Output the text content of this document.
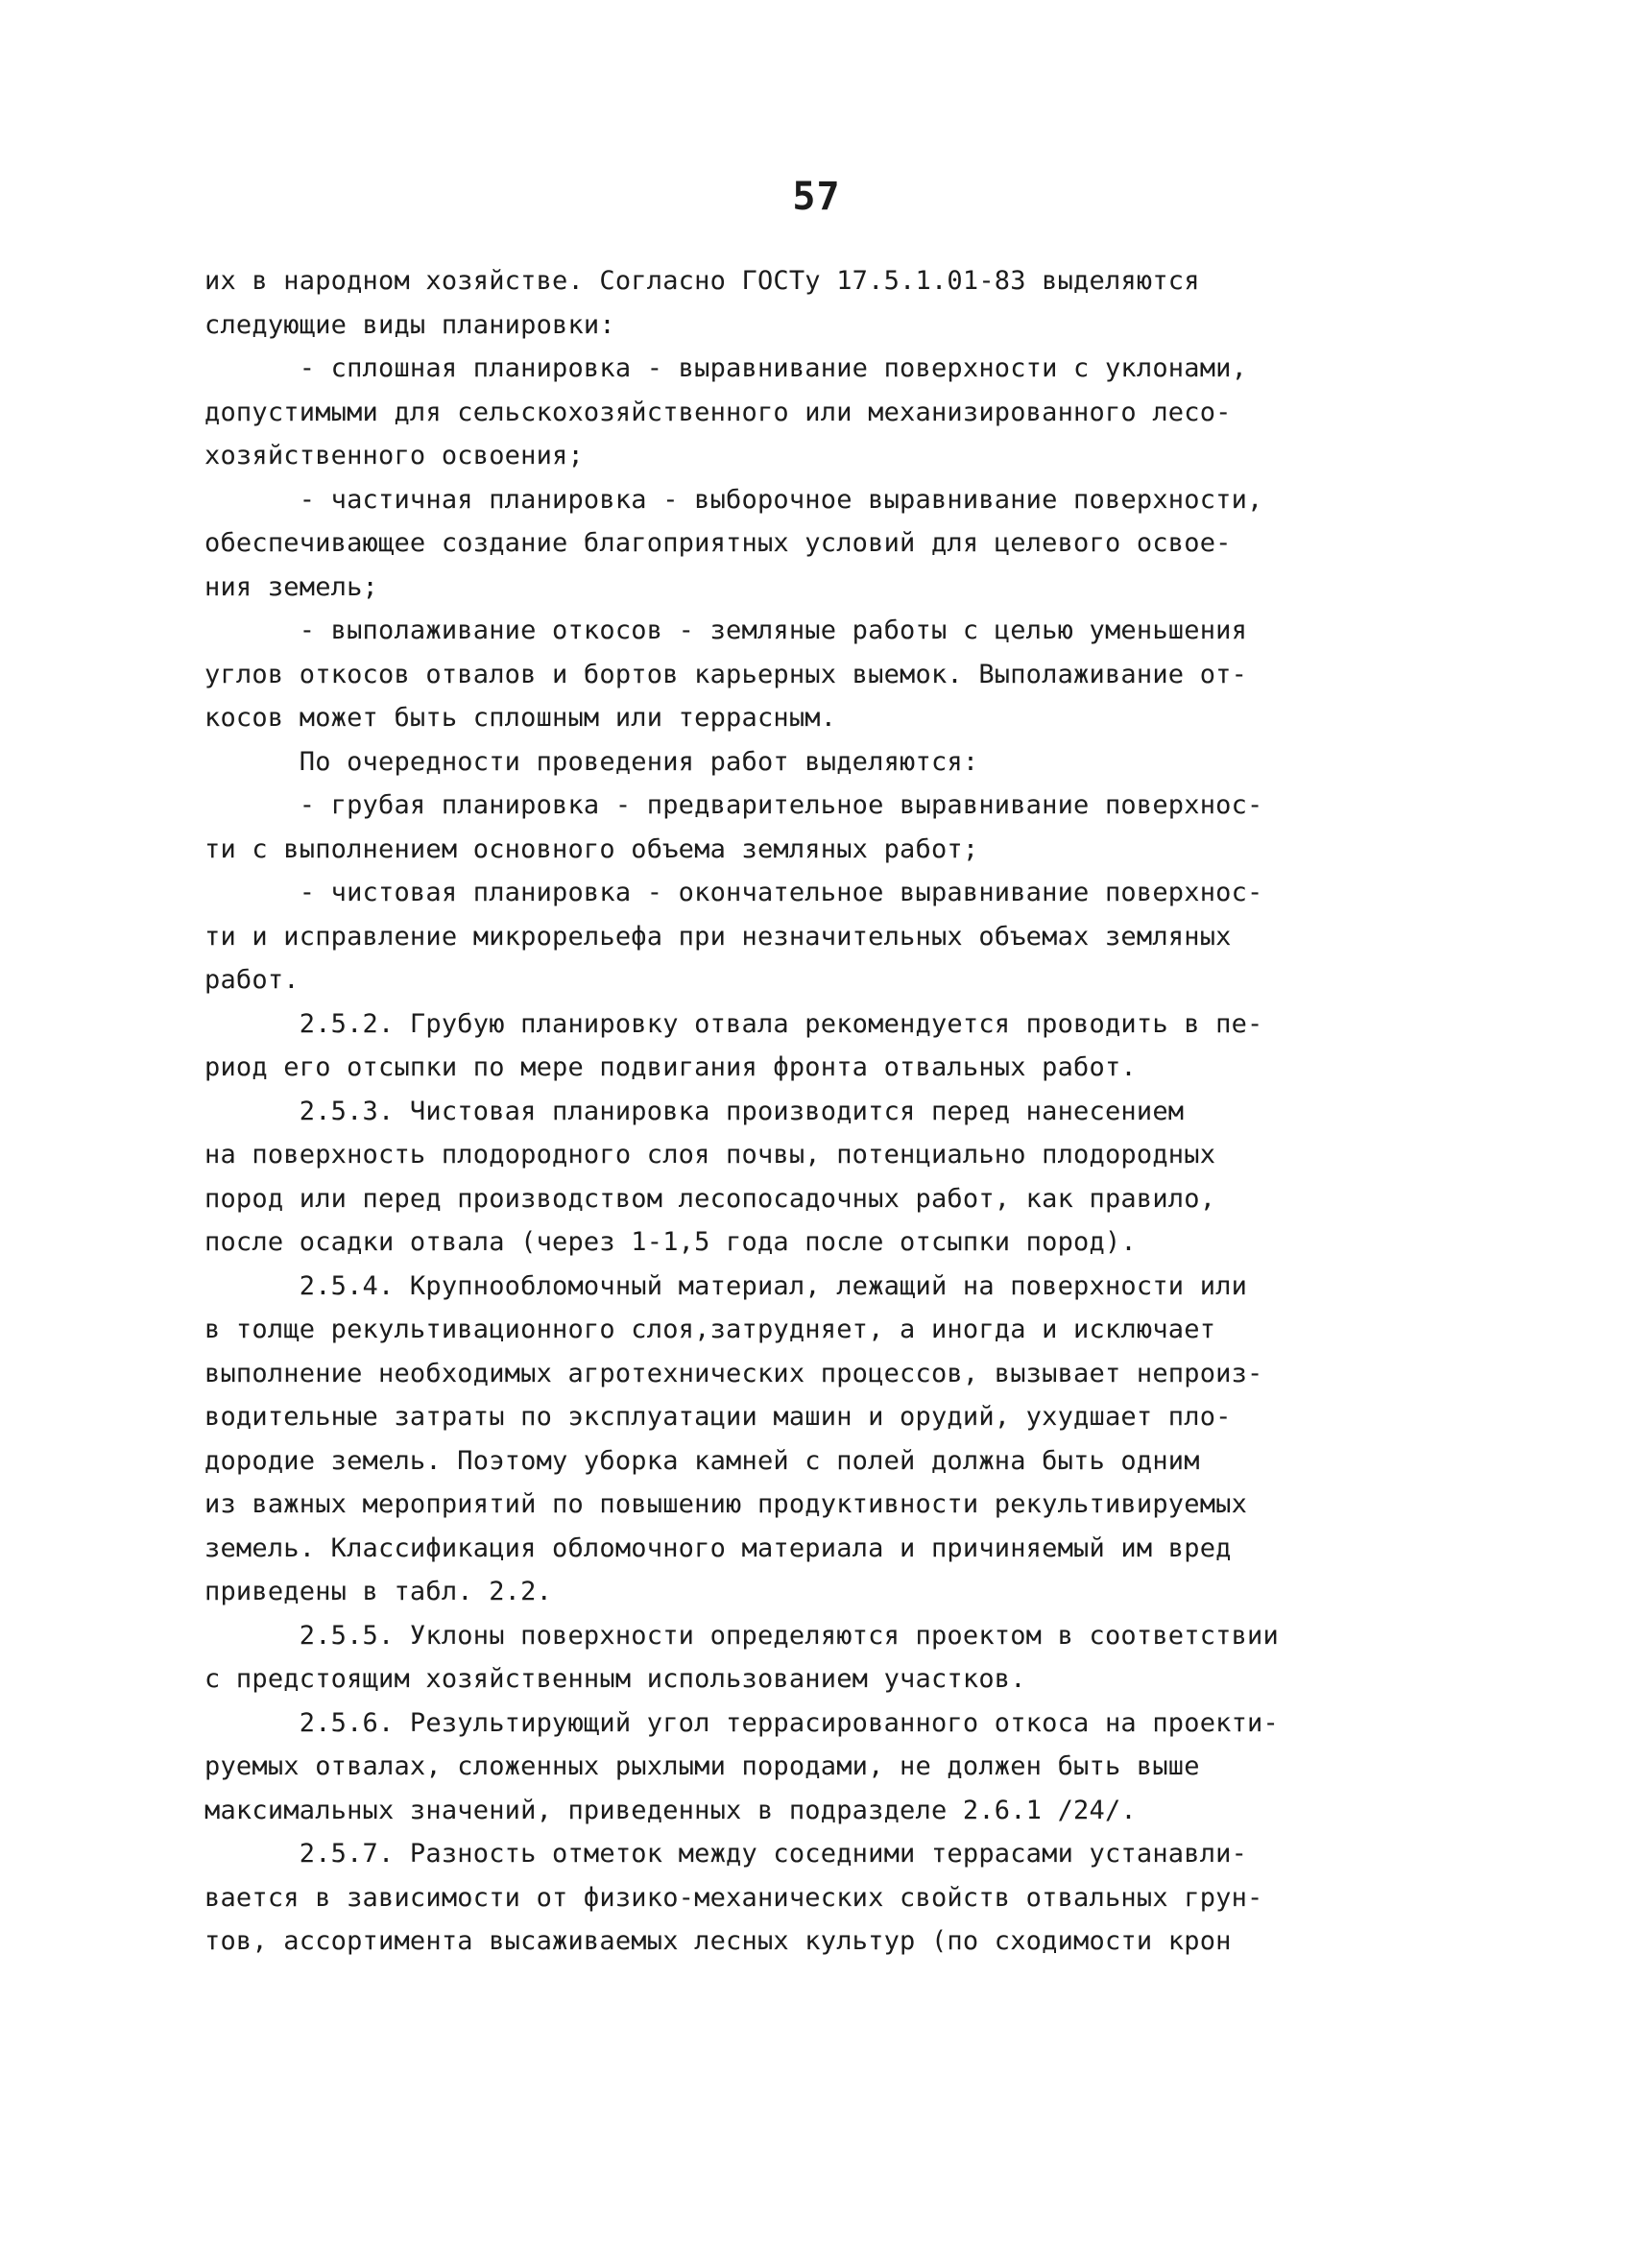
57
их в народном хозяйстве. Согласно ГОСТу 17.5.1.01-83 выделяются
следующие виды планировки:
- сплошная планировка - выравнивание поверхности с уклонами,
допустимыми для сельскохозяйственного или механизированного лесо-
хозяйственного освоения;
- частичная планировка - выборочное выравнивание поверхности,
обеспечивающее создание благоприятных условий для целевого освое-
ния земель;
- выполаживание откосов - земляные работы с целью уменьшения
углов откосов отвалов и бортов карьерных выемок. Выполаживание от-
косов может быть сплошным или террасным.
По очередности проведения работ выделяются:
- грубая планировка - предварительное выравнивание поверхнос-
ти с выполнением основного объема земляных работ;
- чистовая планировка - окончательное выравнивание поверхнос-
ти и исправление микрорельефа при незначительных объемах земляных
работ.
2.5.2. Грубую планировку отвала рекомендуется проводить в пе-
риод его отсыпки по мере подвигания фронта отвальных работ.
2.5.3. Чистовая планировка производится перед нанесением
на поверхность плодородного слоя почвы, потенциально плодородных
пород или перед производством лесопосадочных работ, как правило,
после осадки отвала (через 1-1,5 года после отсыпки пород).
2.5.4. Крупнообломочный материал, лежащий на поверхности или
в толще рекультивационного слоя,затрудняет, а иногда и исключает
выполнение необходимых агротехнических процессов, вызывает непроиз-
водительные затраты по эксплуатации машин и орудий, ухудшает пло-
дородие земель. Поэтому уборка камней с полей должна быть одним
из важных мероприятий по повышению продуктивности рекультивируемых
земель. Классификация обломочного материала и причиняемый им вред
приведены в табл. 2.2.
2.5.5. Уклоны поверхности определяются проектом в соответствии
с предстоящим хозяйственным использованием участков.
2.5.6. Результирующий угол террасированного откоса на проекти-
руемых отвалах, сложенных рыхлыми породами, не должен быть выше
максимальных значений, приведенных в подразделе 2.6.1 /24/.
2.5.7. Разность отметок между соседними террасами устанавли-
вается в зависимости от физико-механических свойств отвальных грун-
тов, ассортимента высаживаемых лесных культур (по сходимости крон
